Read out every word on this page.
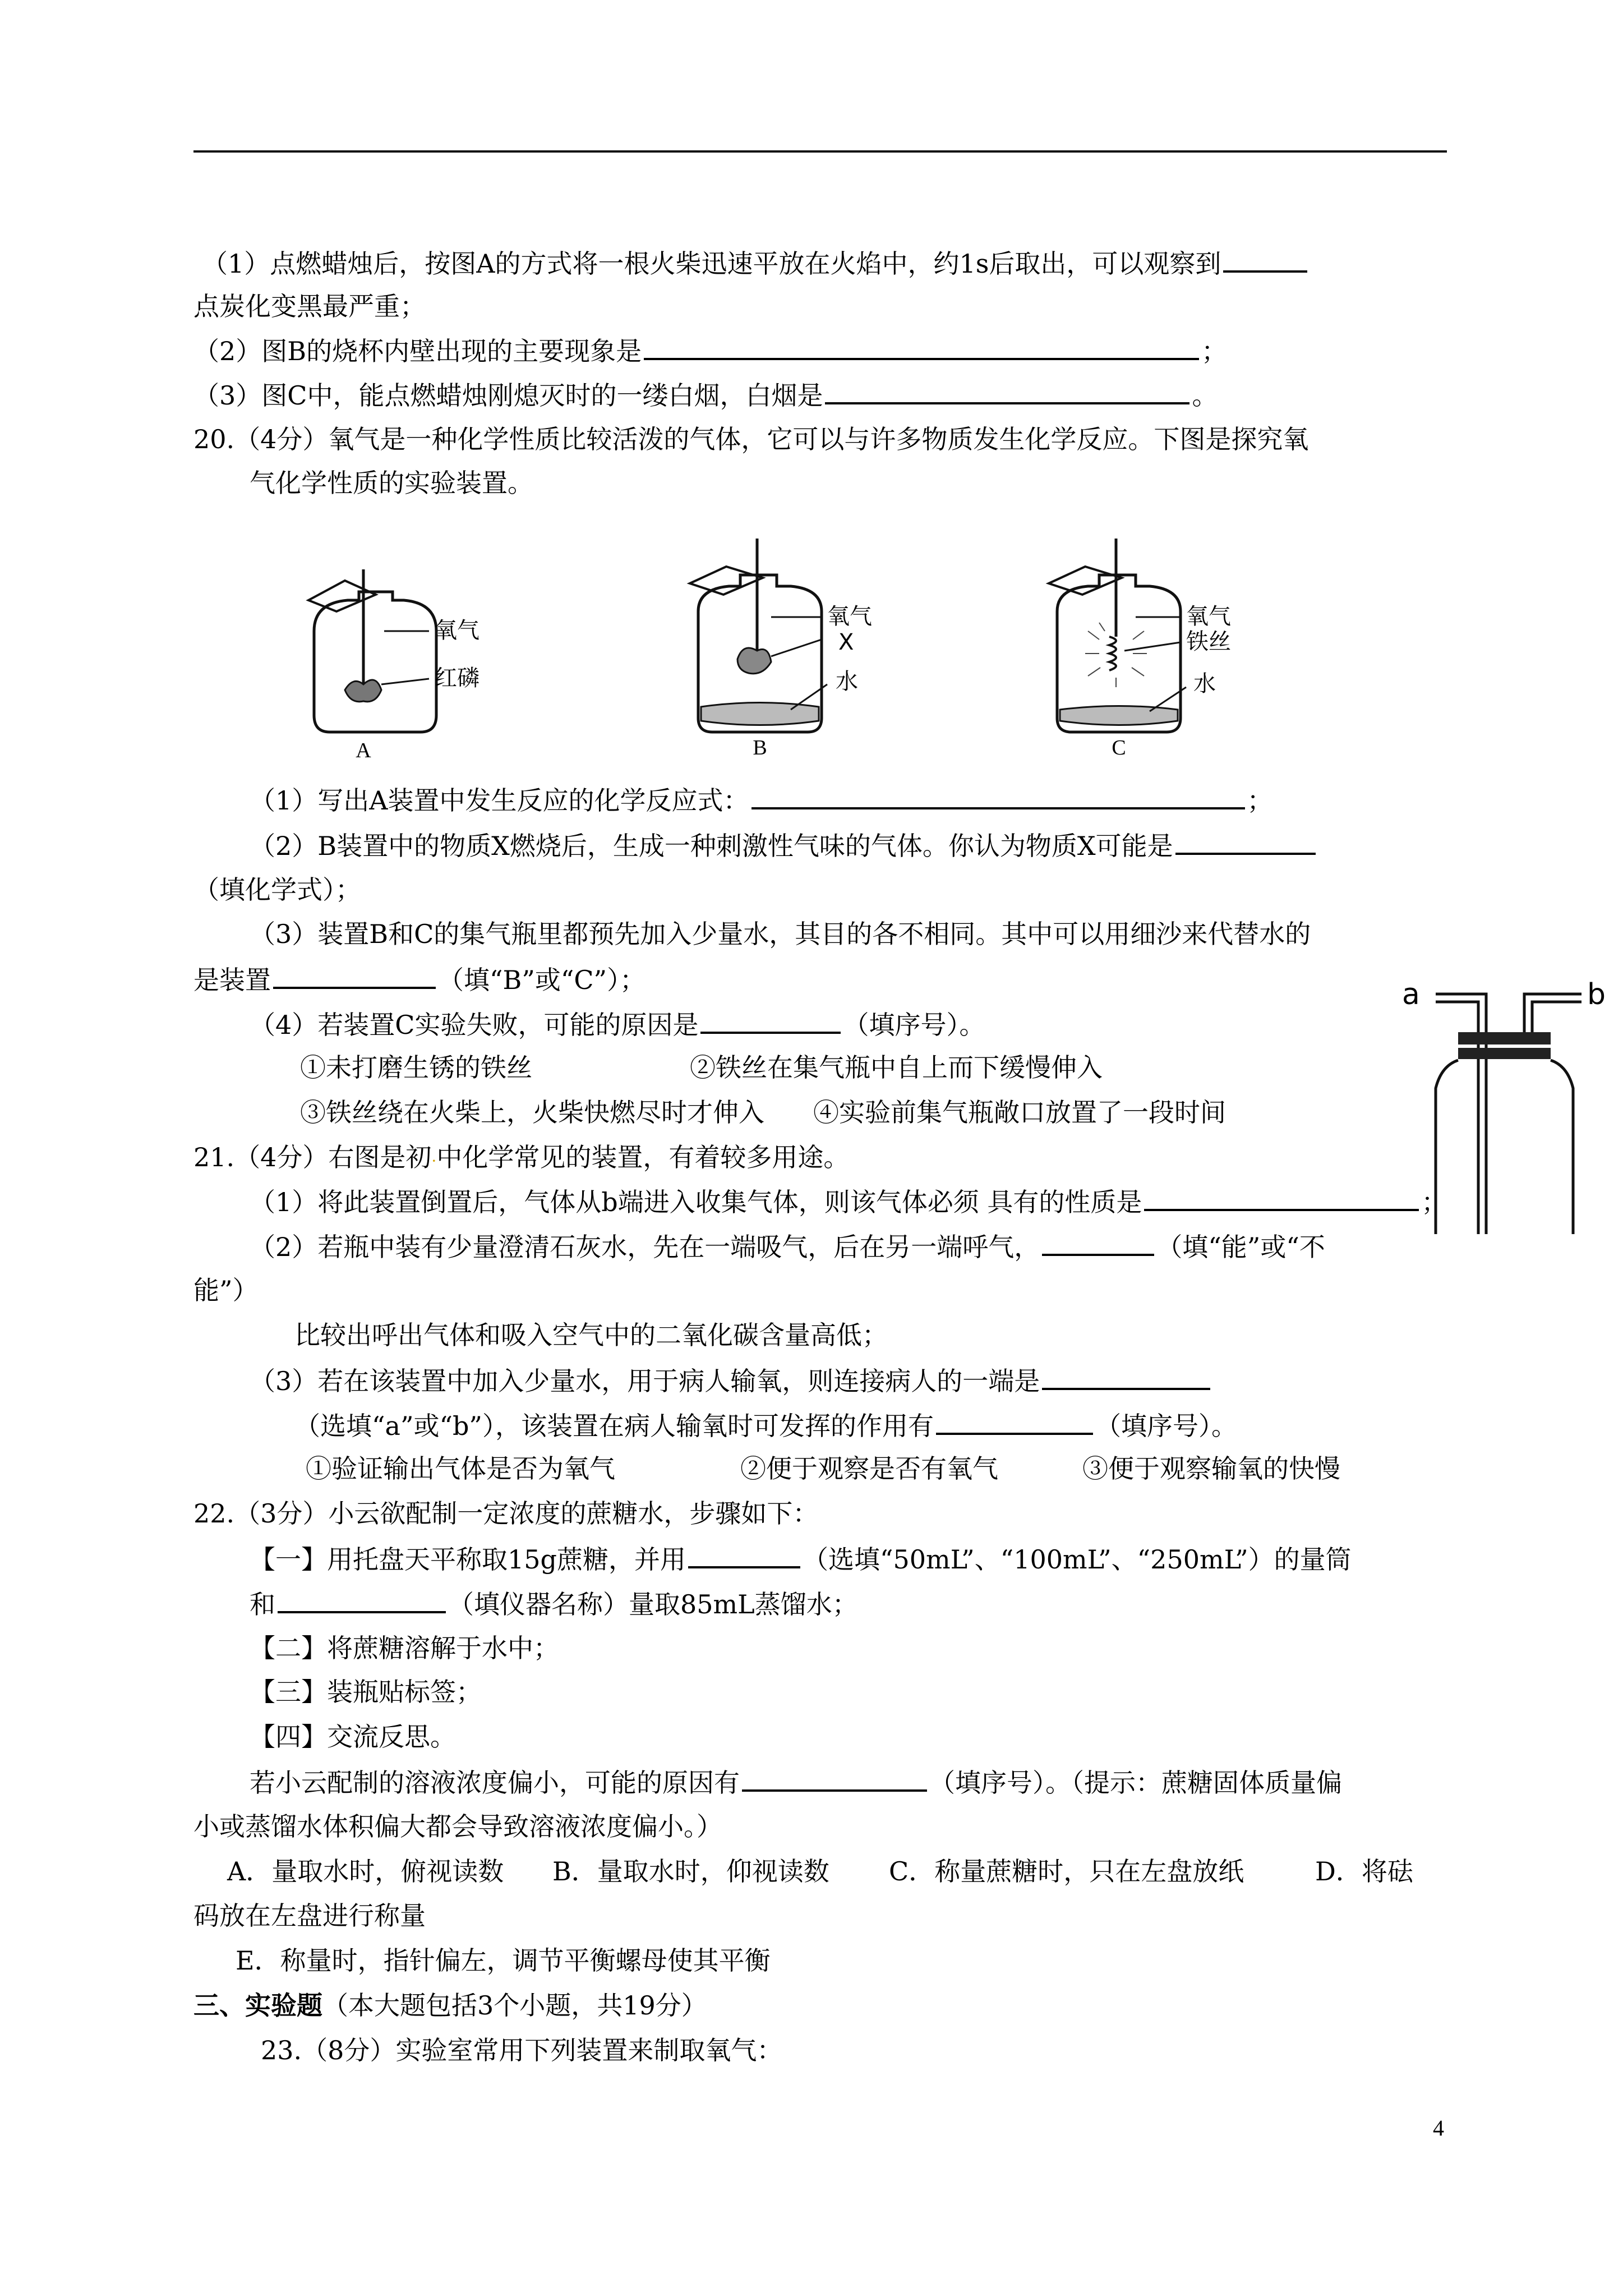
（1）点燃蜡烛后，按图A的方式将一根火柴迅速平放在火焰中，约1s后取出，可以观察到
点炭化变黑最严重；
（2）图B的烧杯内壁出现的主要现象是	；
（3）图C中，能点燃蜡烛刚熄灭时的一缕白烟，白烟是	。
20.（4分）氧气是一种化学性质比较活泼的气体，它可以与许多物质发生化学反应。下图是探究氧
气化学性质的实验装置。
氧气
红磷
A
氧气
X
水
B
氧气
铁丝
水
C
（1）写出A装置中发生反应的化学反应式：	；
（2）B装置中的物质X燃烧后，生成一种刺激性气味的气体。你认为物质X可能是
（填化学式）；
（3）装置B和C的集气瓶里都预先加入少量水，其目的各不相同。其中可以用细沙来代替水的
是装置	（填“B”或“C”）；
（4）若装置C实验失败，可能的原因是	（填序号）。
①未打磨生锈的铁丝	②铁丝在集气瓶中自上而下缓慢伸入
③铁丝绕在火柴上，火柴快燃尽时才伸入 ④实验前集气瓶敞口放置了一段时间
a	b
21.（4分）右图是初·中化学常见的装置，有着较多用途。
（1）将此装置倒置后，气体从b端进入收集气体，则该气体必须 具有的性质是	；
（2）若瓶中装有少量澄清石灰水，先在一端吸气，后在另一端呼气，	（填“能”或“不
能”）
比较出呼出气体和吸入空气中的二氧化碳含量高低；
（3）若在该装置中加入少量水，用于病人输氧，则连接病人的一端是
（选填“a”或“b”），该装置在病人输氧时可发挥的作用有	（填序号）。
①验证输出气体是否为氧气	②便于观察是否有氧气	③便于观察输氧的快慢
22.（3分）小云欲配制一定浓度的蔗糖水，步骤如下：
【一】用托盘天平称取15g蔗糖，并用	（选填“50mL”、“100mL”、“250mL”）的量筒
和	（填仪器名称）量取85mL蒸馏水；
【二】将蔗糖溶解于水中；
【三】装瓶贴标签；
【四】交流反思。
若小云配制的溶液浓度偏小，可能的原因有	（填序号）。（提示：蔗糖固体质量偏
小或蒸馏水体积偏大都会导致溶液浓度偏小。）
A．量取水时，俯视读数 B．量取水时，仰视读数 C．称量蔗糖时，只在左盘放纸	D．将砝
码放在左盘进行称量
E．称量时，指针偏左，调节平衡螺母使其平衡
三、实验题（本大题包括3个小题，共19分）
23.（8分）实验室常用下列装置来制取氧气：
4
